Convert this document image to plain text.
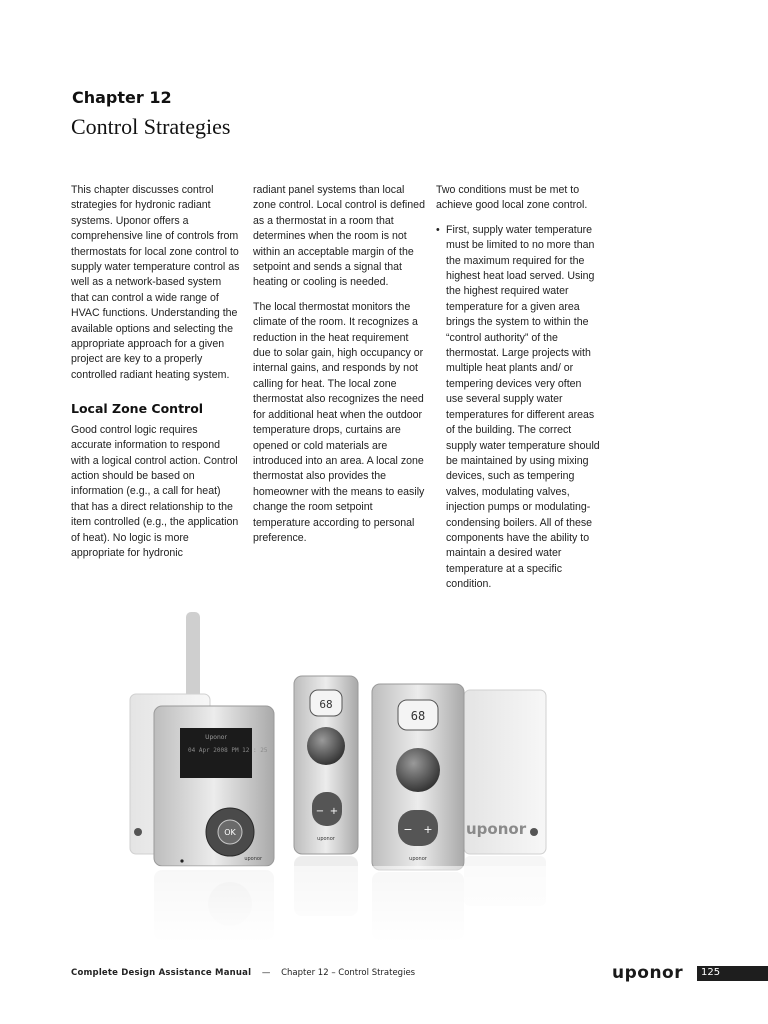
Chapter 12
Control Strategies

This chapter discusses control strategies for hydronic radiant systems. Uponor offers a comprehensive line of controls from thermostats for local zone control to supply water temperature control as well as a network-based system that can control a wide range of HVAC functions. Understanding the available options and selecting the appropriate approach for a given project are key to a properly controlled radiant heating system.

Local Zone Control

Good control logic requires accurate information to respond with a logical control action. Control action should be based on information (e.g., a call for heat) that has a direct relationship to the item controlled (e.g., the application of heat). No logic is more appropriate for hydronic

radiant panel systems than local zone control. Local control is defined as a thermostat in a room that determines when the room is not within an acceptable margin of the setpoint and sends a signal that heating or cooling is needed.

The local thermostat monitors the climate of the room. It recognizes a reduction in the heat requirement due to solar gain, high occupancy or internal gains, and responds by not calling for heat. The local zone thermostat also recognizes the need for additional heat when the outdoor temperature drops, curtains are opened or cold materials are introduced into an area. A local zone thermostat also provides the homeowner with the means to easily change the room setpoint temperature according to personal preference.

Two conditions must be met to achieve good local zone control.

• First, supply water temperature must be limited to no more than the maximum required for the highest heat load served. Using the highest required water temperature for a given area brings the system to within the “control authority” of the thermostat. Large projects with multiple heat plants and/ or tempering devices very often use several supply water temperatures for different areas of the building. The correct supply water temperature should be maintained by using mixing devices, such as tempering valves, modulating valves, injection pumps or modulating-condensing boilers. All of these components have the ability to maintain a desired water temperature at a specific condition.
uponor
Uponor
04 Apr 2008 PM 12 : 25
OK
uponor
68
− +
uponor
68
− +
uponor
Complete Design Assistance Manual — Chapter 12 – Control Strategies	uponor 125
